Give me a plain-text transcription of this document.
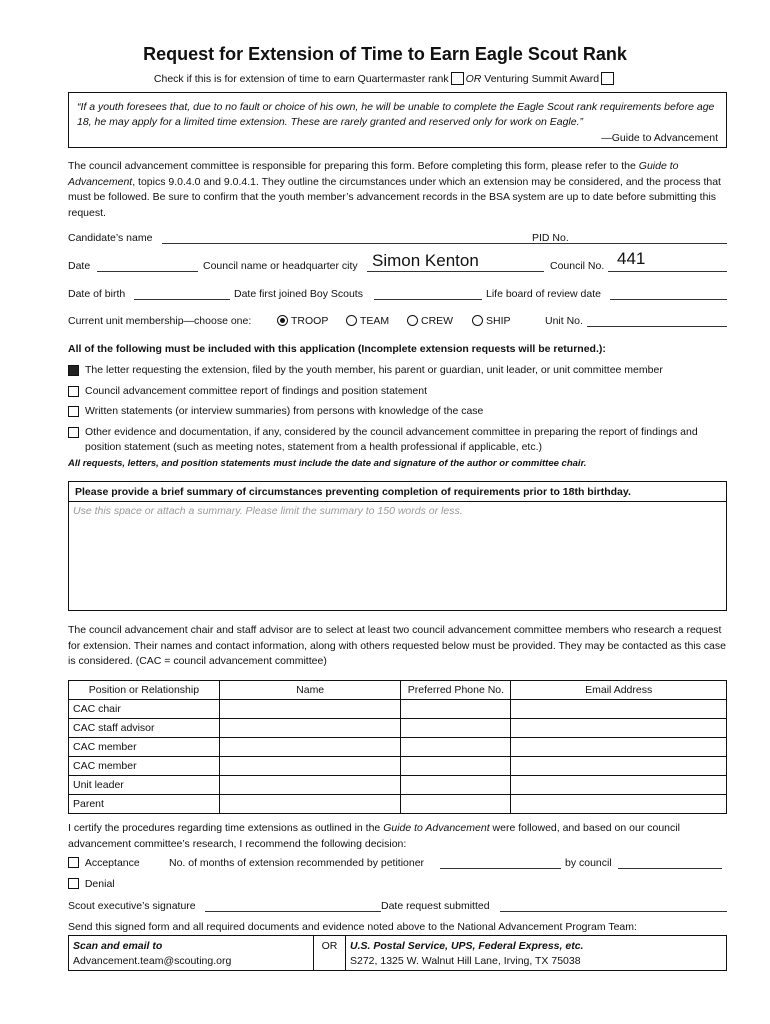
Request for Extension of Time to Earn Eagle Scout Rank
Check if this is for extension of time to earn Quartermaster rank OR Venturing Summit Award
“If a youth foresees that, due to no fault or choice of his own, he will be unable to complete the Eagle Scout rank requirements before age 18, he may apply for a limited time extension. These are rarely granted and reserved only for work on Eagle.”
—Guide to Advancement
The council advancement committee is responsible for preparing this form. Before completing this form, please refer to the Guide to Advancement, topics 9.0.4.0 and 9.0.4.1. They outline the circumstances under which an extension may be considered, and the process that must be followed. Be sure to confirm that the youth member’s advancement records in the BSA system are up to date before submitting this request.
Candidate’s name	PID No.
Date	Council name or headquarter city Simon Kenton	Council No. 441
Date of birth	Date first joined Boy Scouts	Life board of review date
Current unit membership—choose one:	TROOP	TEAM	CREW	SHIP	Unit No.
All of the following must be included with this application (Incomplete extension requests will be returned.):
The letter requesting the extension, filed by the youth member, his parent or guardian, unit leader, or unit committee member
Council advancement committee report of findings and position statement
Written statements (or interview summaries) from persons with knowledge of the case
Other evidence and documentation, if any, considered by the council advancement committee in preparing the report of findings and position statement (such as meeting notes, statement from a health professional if applicable, etc.)
All requests, letters, and position statements must include the date and signature of the author or committee chair.
Please provide a brief summary of circumstances preventing completion of requirements prior to 18th birthday.
Use this space or attach a summary. Please limit the summary to 150 words or less.
The council advancement chair and staff advisor are to select at least two council advancement committee members who research a request for extension. Their names and contact information, along with others requested below must be provided. They may be contacted as this case is considered. (CAC = council advancement committee)
Position or Relationship	Name	Preferred Phone No.	Email Address
CAC chair			
CAC staff advisor			
CAC member			
CAC member			
Unit leader			
Parent			
I certify the procedures regarding time extensions as outlined in the Guide to Advancement were followed, and based on our council advancement committee’s research, I recommend the following decision:
Acceptance	No. of months of extension recommended by petitioner	by council
Denial
Scout executive’s signature	Date request submitted
Send this signed form and all required documents and evidence noted above to the National Advancement Program Team:
Scan and email to
Advancement.team@scouting.org
OR	U.S. Postal Service, UPS, Federal Express, etc.
S272, 1325 W. Walnut Hill Lane, Irving, TX 75038
